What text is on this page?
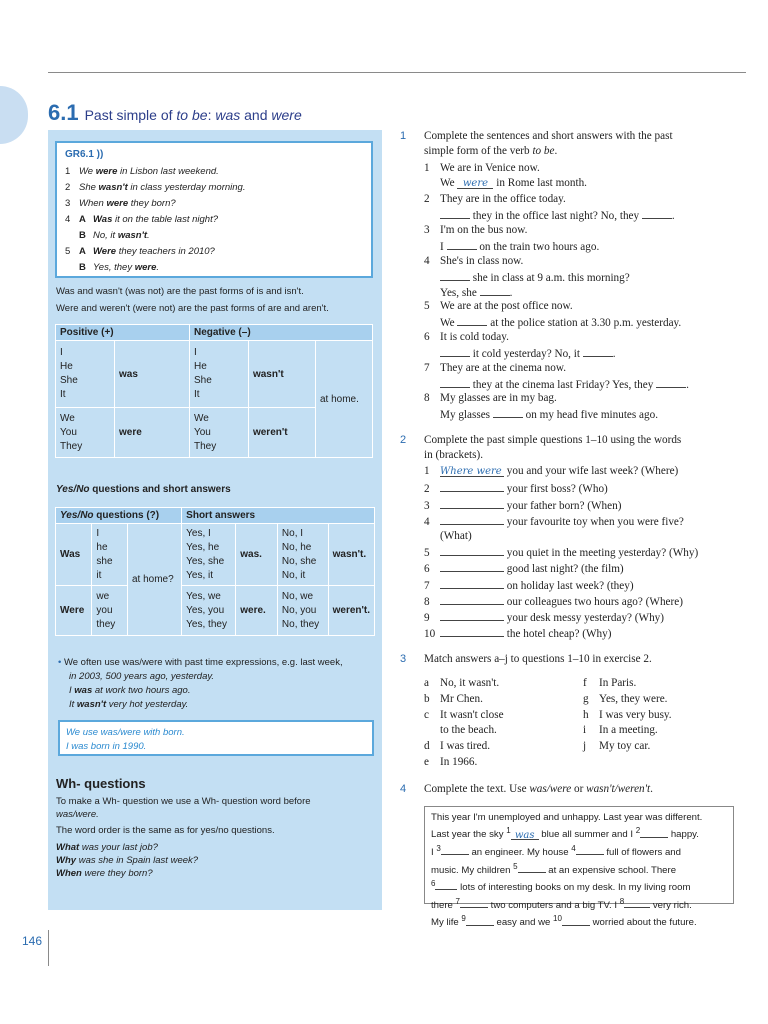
6.1 Past simple of to be: was and were
GR6.1 ))
1 We were in Lisbon last weekend.
2 She wasn't in class yesterday morning.
3 When were they born?
4 A Was it on the table last night?
B No, it wasn't.
5 A Were they teachers in 2010?
B Yes, they were.
Was and wasn't (was not) are the past forms of is and isn't.
Were and weren't (were not) are the past forms of are and aren't.
Positive (+)		Negative (–)		
I
He
She
It	was	I
He
She
It	wasn't	at home.
We
You
They	were	We
You
They	weren't	
Yes/No questions and short answers
Yes/No questions (?)			Short answers			
Was	I
he
she
it	at home?	Yes, I
Yes, he
Yes, she
Yes, it	was.	No, I
No, he
No, she
No, it	wasn't.
Were	we
you
they		Yes, we
Yes, you
Yes, they	were.	No, we
No, you
No, they	weren't.
• We often use was/were with past time expressions, e.g. last week,
in 2003, 500 years ago, yesterday.
I was at work two hours ago.
It wasn't very hot yesterday.
We use was/were with born.
I was born in 1990.
Wh- questions
To make a Wh- question we use a Wh- question word before
was/were.
The word order is the same as for yes/no questions.
What was your last job?
Why was she in Spain last week?
When were they born?
1 Complete the sentences and short answers with the past
simple form of the verb to be.
1 We are in Venice now.
We were in Rome last month.
2 They are in the office today.
they in the office last night? No, they	.
3 I'm on the bus now.
I	on the train two hours ago.
4 She's in class now.
she in class at 9 a.m. this morning?
Yes, she	.
5 We are at the post office now.
We	at the police station at 3.30 p.m. yesterday.
6 It is cold today.
it cold yesterday? No, it	.
7 They are at the cinema now.
they at the cinema last Friday? Yes, they	.
8 My glasses are in my bag.
My glasses	on my head five minutes ago.
2 Complete the past simple questions 1–10 using the words
in (brackets).
1 Where were you and your wife last week? (Where)
2	your first boss? (Who)
3	your father born? (When)
4	your favourite toy when you were five?
(What)
5	you quiet in the meeting yesterday? (Why)
6	good last night? (the film)
7	on holiday last week? (they)
8	our colleagues two hours ago? (Where)
9	your desk messy yesterday? (Why)
10	the hotel cheap? (Why)
3 Match answers a–j to questions 1–10 in exercise 2.
a No, it wasn't.
b Mr Chen.
c It wasn't close
to the beach.
d I was tired.
e In 1966.
f In Paris.
g Yes, they were.
h I was very busy.
i In a meeting.
j My toy car.
4 Complete the text. Use was/were or wasn't/weren't.
This year I'm unemployed and unhappy. Last year was different.
Last year the sky $^1$ was blue all summer and I $^2$	happy.
I $^3$	an engineer. My house $^4$	full of flowers and
music. My children $^5$	at an expensive school. There
$^6$ lots of interesting books on my desk. In my living room
there $^7$	two computers and a big TV. I $^8$	very rich.
My life $^9$	easy and we $^{10}$	worried about the future.
146
